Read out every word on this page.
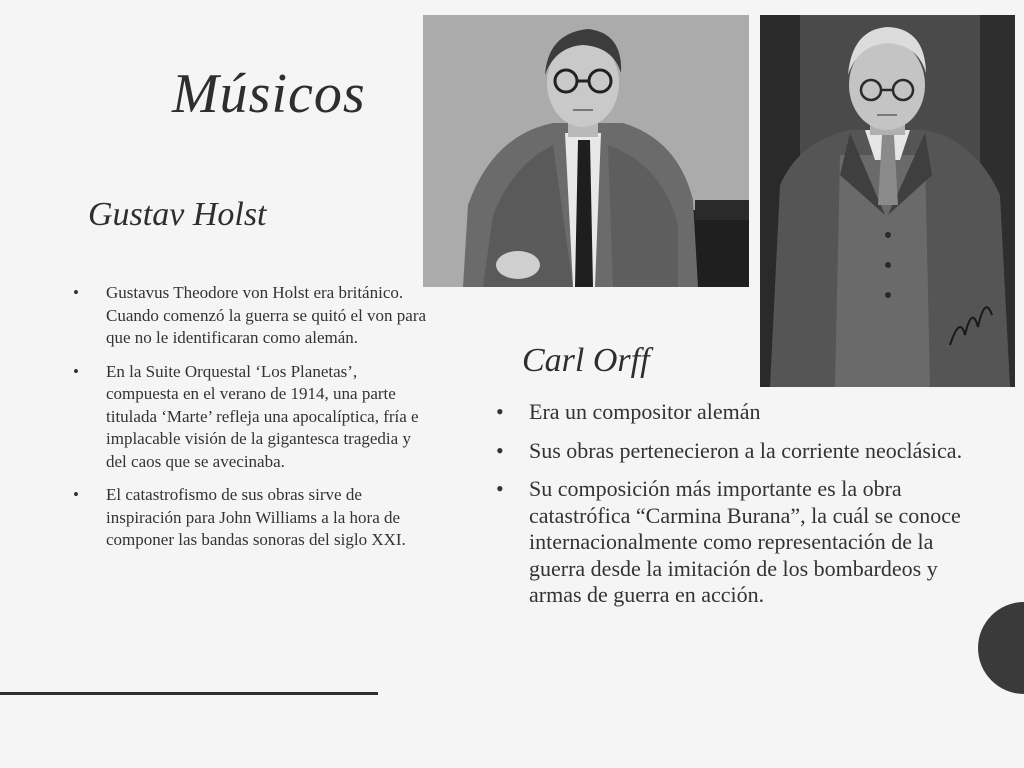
Músicos
Gustav Holst
• Gustavus Theodore von Holst era británico. Cuando comenzó la guerra se quitó el von para que no le identificaran como alemán.
• En la Suite Orquestal ‘Los Planetas’, compuesta en el verano de 1914, una parte titulada ‘Marte’ refleja una apocalíptica, fría e implacable visión de la gigantesca tragedia y del caos que se avecinaba.
• El catastrofismo de sus obras sirve de inspiración para John Williams a la hora de componer las bandas sonoras del siglo XXI.
Carl Orff
• Era un compositor alemán
• Sus obras pertenecieron a la corriente neoclásica.
• Su composición más importante es la obra catastrófica “Carmina Burana”, la cuál se conoce internacionalmente como representación de la guerra desde la imitación de los bombardeos y armas de guerra en acción.
